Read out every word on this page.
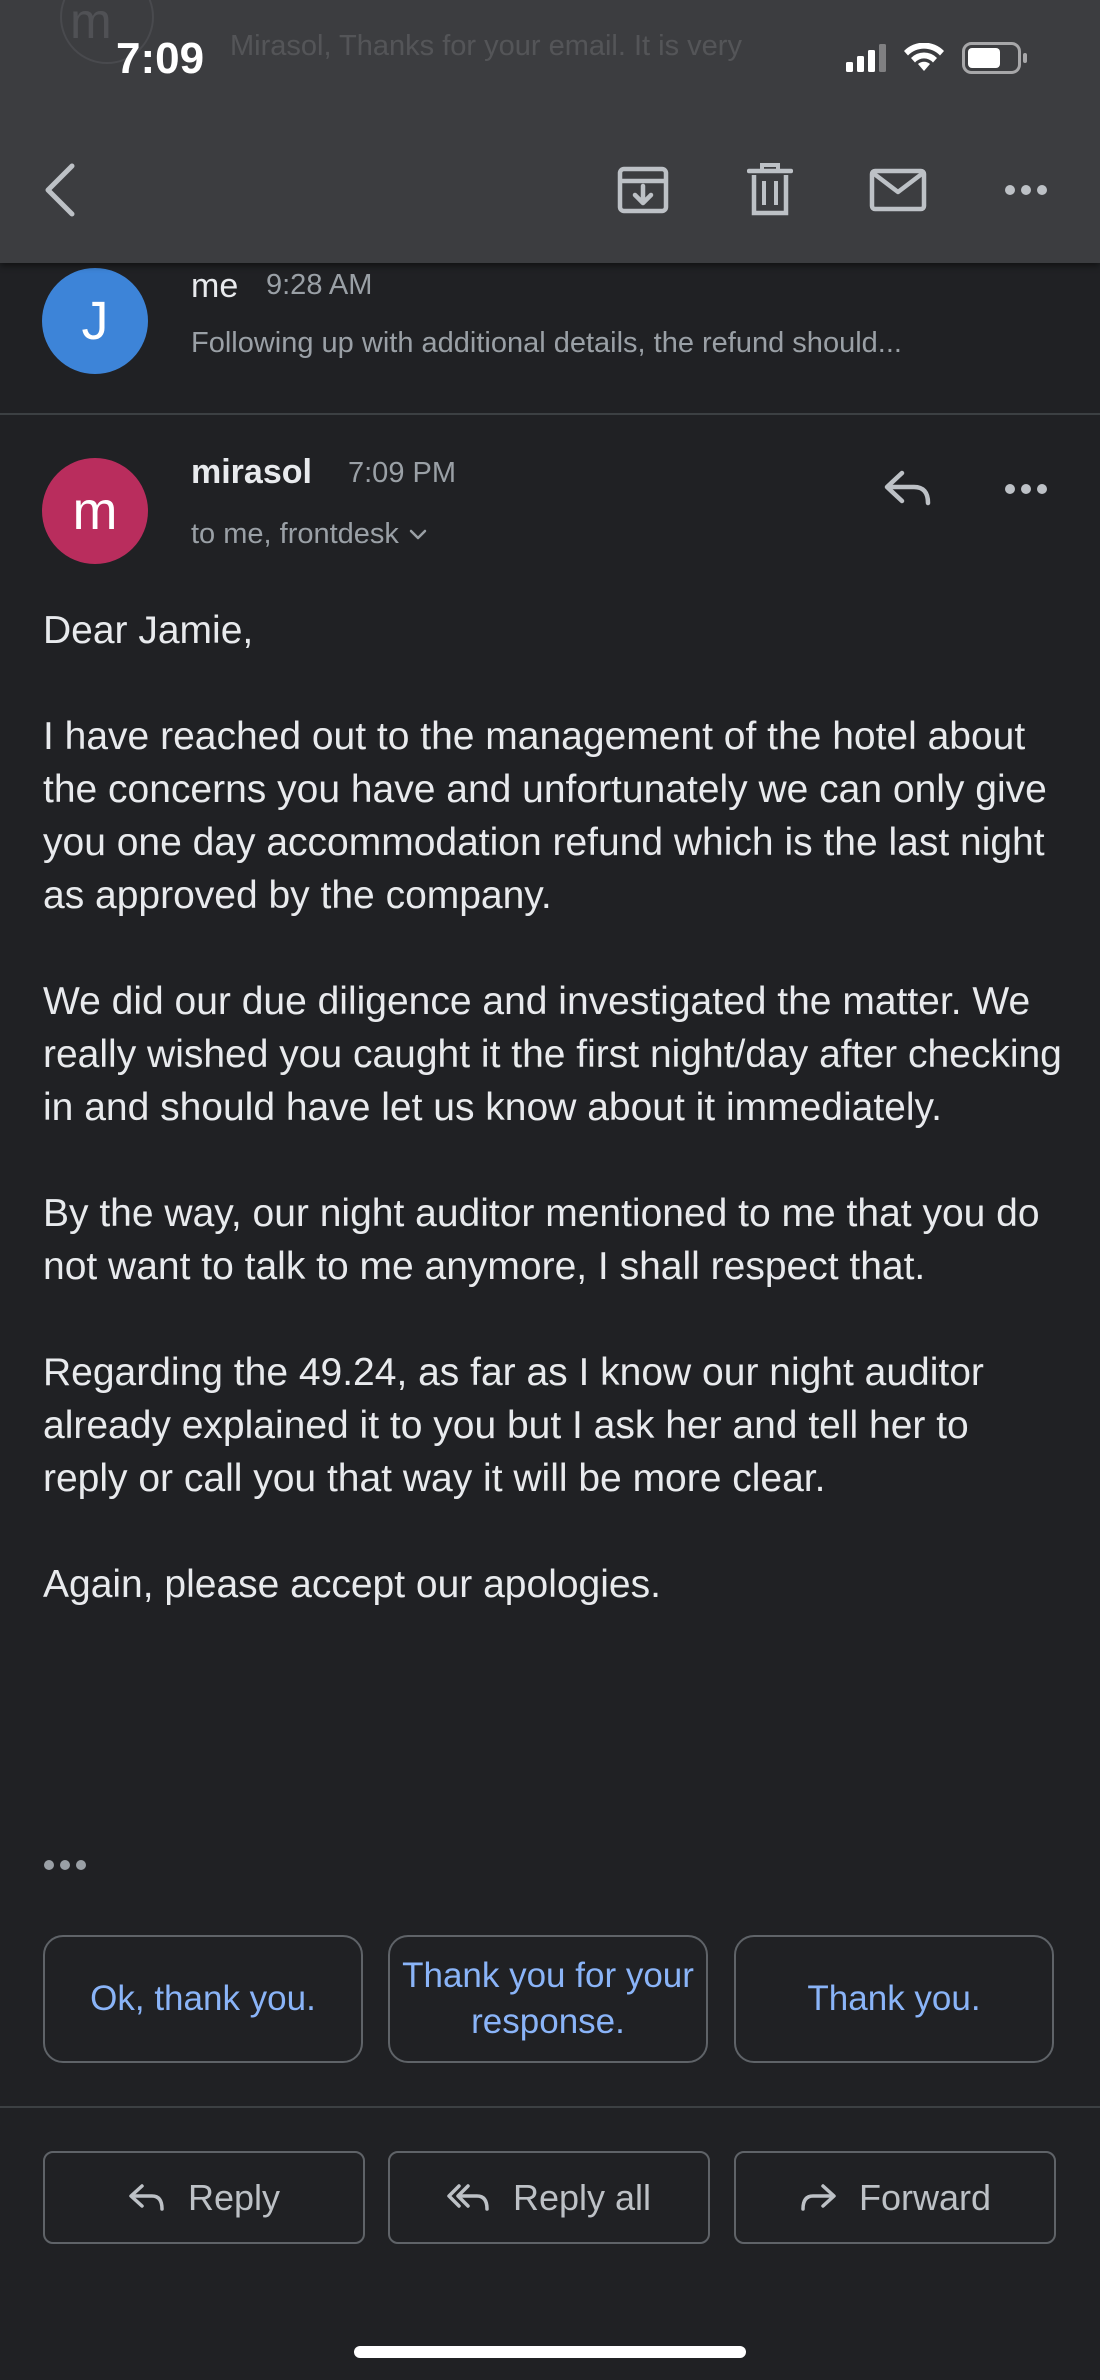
m	Mirasol, Thanks for your email. It is very
7:09
J
me 9:28 AM
Following up with additional details, the refund should...
m
mirasol 7:09 PM
to me, frontdesk

Dear Jamie,

I have reached out to the management of the hotel about the concerns you have and unfortunately we can only give you one day accommodation refund which is the last night as approved by the company.

We did our due diligence and investigated the matter. We really wished you caught it the first night/day after checking in and should have let us know about it immediately.

By the way, our night auditor mentioned to me that you do not want to talk to me anymore, I shall respect that.

Regarding the 49.24, as far as I know our night auditor already explained it to you but I ask her and tell her to reply or call you that way it will be more clear.

Again, please accept our apologies.

Ok, thank you.
Thank you for your response.
Thank you.
Reply	Reply all	Forward
